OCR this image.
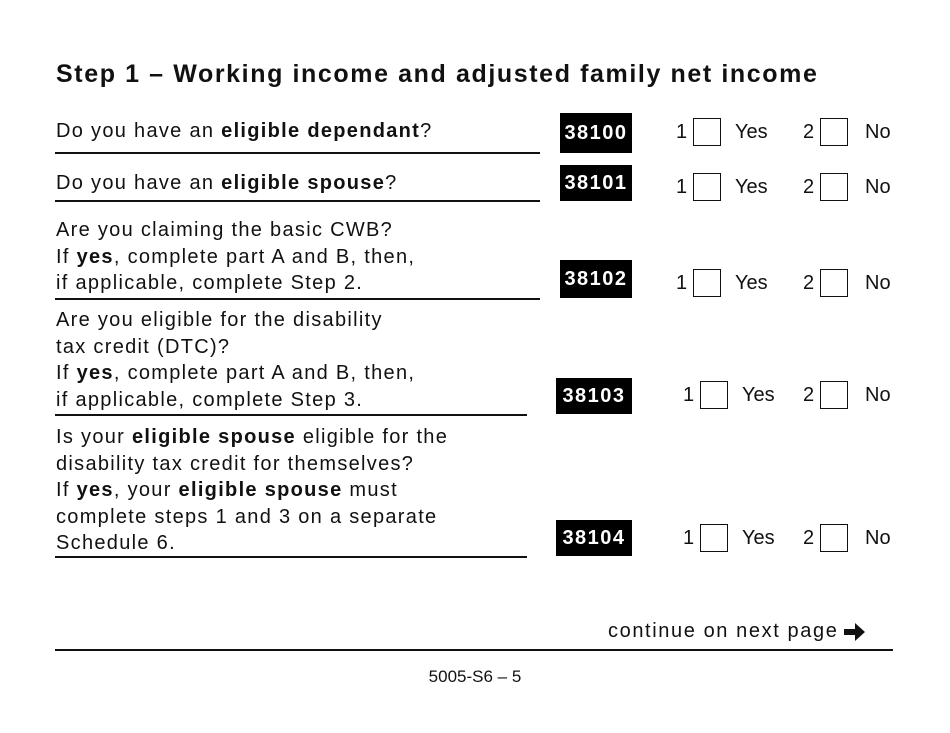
Step 1 – Working income and adjusted family net income
Do you have an eligible dependant?	38100 1 Yes 2	No
Do you have an eligible spouse?	38101 1 Yes 2	No
Are you claiming the basic CWB?
If yes, complete part A and B, then,
if applicable, complete Step 2.	38102 1 Yes 2	No
Are you eligible for the disability
tax credit (DTC)?
If yes, complete part A and B, then,
if applicable, complete Step 3.	38103	1 Yes 2	No
Is your eligible spouse eligible for the
disability tax credit for themselves?
If yes, your eligible spouse must
complete steps 1 and 3 on a separate
Schedule 6.	38104	1 Yes 2	No
continue on next page
5005-S6 – 5
